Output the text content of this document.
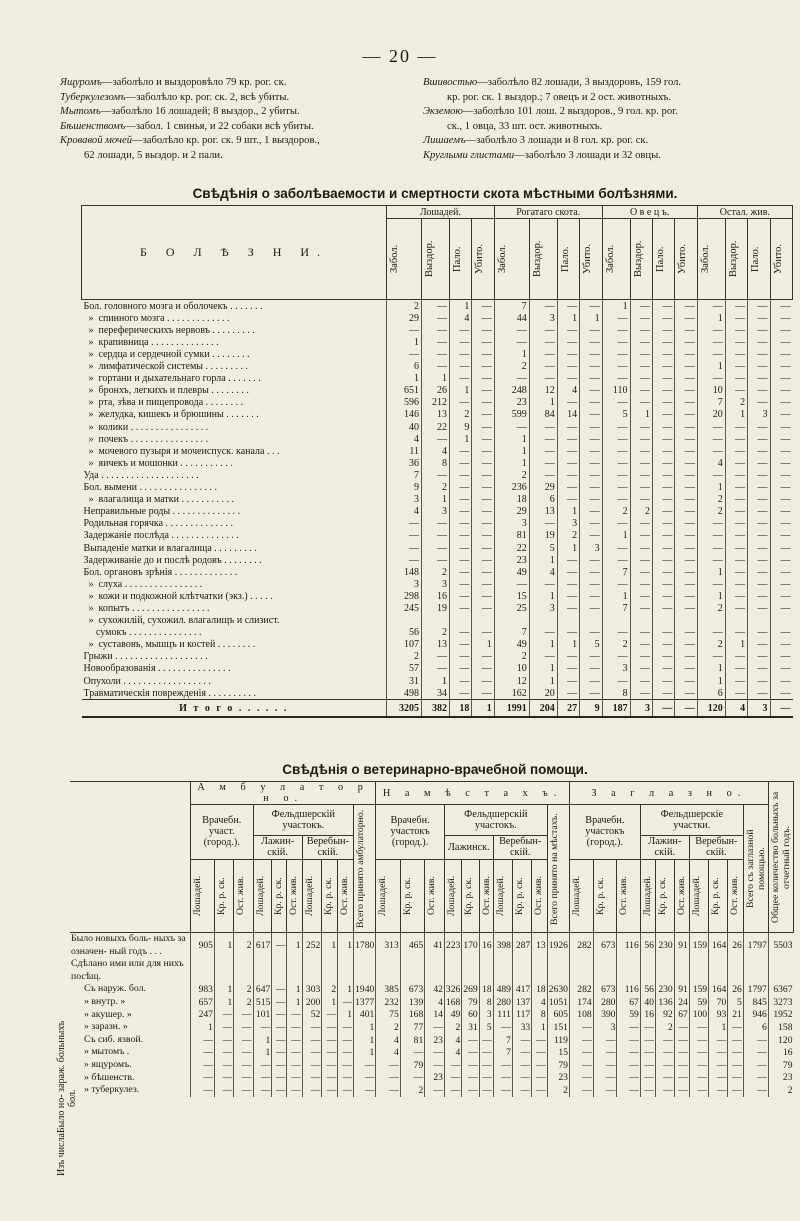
— 20 —
Ящуромъ—заболѣло и выздоровѣло 79 кр. рог. ск.
Туберкулезомъ—заболѣло кр. рог. ск. 2, всѣ убиты.
Мытомъ—заболѣло 16 лошадей; 8 выздор., 2 убиты.
Бѣшенствомъ—забол. 1 свинья, и 22 собаки всѣ убиты.
Кровавой мочей—заболѣло кр. рог. ск. 9 шт., 1 выздоров.,
62 лошади, 5 выздор. и 2 пали.
Вшивостью—заболѣло 82 лошади, 3 выздоровъ, 159 гол.
кр. рог. ск. 1 выздор.; 7 овецъ и 2 ост. животныхъ.
Экземою—заболѣло 101 лош. 2 выздоров., 9 гол. кр. рог.
ск., 1 овца, 33 шт. ост. животныхъ.
Лишаемъ—заболѣло 3 лошади и 8 гол. кр. рог. ск.
Круглыми глистами—заболѣло 3 лошади и 32 овцы.
Свѣдѣнія о заболѣваемости и смертности скота мѣстными болѣзнями.
Б О Л Ѣ З Н И.	Лошадей.				Рогатаго скота.				О в е ц ъ.				Остал. жив.			

	Забол.	Выздор.	Пало.	Убито.	Забол.	Выздор.	Пало.	Убито.	Забол.	Выздор.	Пало.	Убито.	Забол.	Выздор.	Пало.	Убито.

Бол. головного мозга и оболочекъ . . . . . . .	2	—	1	—	7	—	—	—	1	—	—	—	—	—	—	—
»  спинного мозга . . . . . . . . . . . . .	29	—	4	—	44	3	1	1	—	—	—	—	1	—	—	—
»  переферическихъ нервовъ . . . . . . . . .	—	—	—	—	—	—	—	—	—	—	—	—	—	—	—	—
»  крапивница . . . . . . . . . . . . . .	1	—	—	—	—	—	—	—	—	—	—	—	—	—	—	—
»  сердца и сердечной сумки . . . . . . . .	—	—	—	—	1	—	—	—	—	—	—	—	—	—	—	—
»  лимфатической системы . . . . . . . . .	6	—	—	—	2	—	—	—	—	—	—	—	1	—	—	—
»  гортани и дыхательнаго горла . . . . . . .	1	1	—	—	—	—	—	—	—	—	—	—	—	—	—	—
»  бронхъ, легкихъ и плевры . . . . . . . .	651	26	1	—	248	12	4	—	110	—	—	—	10	—	—	—
»  рта, зѣва и пищепровода . . . . . . . .	596	212	—	—	23	1	—	—	—	—	—	—	7	2	—	—
»  желудка, кишекъ и брюшины . . . . . . .	146	13	2	—	599	84	14	—	5	1	—	—	20	1	3	—
»  колики . . . . . . . . . . . . . . . .	40	22	9	—	—	—	—	—	—	—	—	—	—	—	—	—
»  почекъ . . . . . . . . . . . . . . . .	4	—	1	—	1	—	—	—	—	—	—	—	—	—	—	—
»  мочевого пузыря и мочеиспуск. канала . . .	11	4	—	—	1	—	—	—	—	—	—	—	—	—	—	—
»  яичекъ и мошонки . . . . . . . . . . .	36	8	—	—	1	—	—	—	—	—	—	—	4	—	—	—
Уда . . . . . . . . . . . . . . . . . . . .	7	—	—	—	2	—	—	—	—	—	—	—	—	—	—	—
Бол. вымени . . . . . . . . . . . . . . . .	9	2	—	—	236	29	—	—	—	—	—	—	1	—	—	—
»  влагалища и матки . . . . . . . . . . .	3	1	—	—	18	6	—	—	—	—	—	—	2	—	—	—
Неправильные роды . . . . . . . . . . . . . .	4	3	—	—	29	13	1	—	2	2	—	—	2	—	—	—
Родильная горячка . . . . . . . . . . . . . .	—	—	—	—	3	—	3	—	—	—	—	—	—	—	—	—
Задержаніе послѣда . . . . . . . . . . . . . .	—	—	—	—	81	19	2	—	1	—	—	—	—	—	—	—
Выпаденіе матки и влагалища . . . . . . . . .	—	—	—	—	22	5	1	3	—	—	—	—	—	—	—	—
Задерживаніе до и послѣ родовъ . . . . . . . .	—	—	—	—	23	1	—	—	—	—	—	—	—	—	—	—
Бол. органовъ зрѣнія . . . . . . . . . . . . .	148	2	—	—	49	4	—	—	7	—	—	—	1	—	—	—
»  слуха . . . . . . . . . . . . . . . .	3	3	—	—	—	—	—	—	—	—	—	—	—	—	—	—
»  кожи и подкожной клѣтчатки (экз.) . . . . .	298	16	—	—	15	1	—	—	1	—	—	—	1	—	—	—
»  копытъ . . . . . . . . . . . . . . . .	245	19	—	—	25	3	—	—	7	—	—	—	2	—	—	—
»  сухожилій, сухожил. влагалищъ и слизист.																
сумокъ . . . . . . . . . . . . . . .	56	2	—	—	7	—	—	—	—	—	—	—	—	—	—	—
»  суставовъ, мышцъ и костей . . . . . . . .	107	13	—	1	49	1	1	5	2	—	—	—	2	1	—	—
Грыжи . . . . . . . . . . . . . . . . . . .	2	—	—	—	2	—	—	—	—	—	—	—	—	—	—	—
Новообразованія . . . . . . . . . . . . . . .	57	—	—	—	10	1	—	—	3	—	—	—	1	—	—	—
Опухоли . . . . . . . . . . . . . . . . . .	31	1	—	—	12	1	—	—	—	—	—	—	1	—	—	—
Травматическія поврежденія . . . . . . . . . .	498	34	—	—	162	20	—	—	8	—	—	—	6	—	—	—
И т о г о . . . . . .	3205	382	18	1	1991	204	27	9	187	3	—	—	120	4	3	—
Свѣдѣнія о ветеринарно-врачебной помощи.
	А м б у л а т о р н о.										Н а м ѣ с т а х ъ.										З а г л а з н о.										Общее количество больныхъ за отчетный годъ.

	Врачебн. участ. (город.).			Фельдшерскій участокъ.						Всего принято амбулаторно.	Врачебн. участокъ (город.).			Фельдшерскій участокъ.						Всего принято на мѣстахъ.	Врачебн. участокъ (город.).			Фельдшерскіе участки.						Всего съ заглазной помощью.	

				Лажин- скій.			Веребын- скій.							Лажинск.			Веребын- скій.							Лажин- скій.			Веребын- скій.				

	Лошадей.	Кр. р. ск.	Ост. жив.	Лошадей.	Кр. р. ск.	Ост. жив.	Лошадей.	Кр. р. ск.	Ост. жив.		Лошадей.	Кр. р. ск.	Ост. жив.	Лошадей.	Кр. р. ск.	Ост. жив.	Лошадей.	Кр. р. ск.	Ост. жив.		Лошадей.	Кр. р. ск.	Ост. жив.	Лошадей.	Кр. р. ск.	Ост. жив.	Лошадей.	Кр. р. ск.	Ост. жив.		

Было новыхъ боль- ныхъ за означен- ный годъ . . .	905	1	2	617	—	1	252	1	1	1780	313	465	41	223	170	16	398	287	13	1926	282	673	116	56	230	91	159	164	26	1797	5503
Сдѣлано ими или для нихъ посѣщ.																															
Съ наруж. бол.	983	1	2	647	—	1	303	2	1	1940	385	673	42	326	269	18	489	417	18	2630	282	673	116	56	230	91	159	164	26	1797	6367
» внутр. »	657	1	2	515	—	1	200	1	—	1377	232	139	4	168	79	8	280	137	4	1051	174	280	67	40	136	24	59	70	5	845	3273
» акушер. »	247	—	—	101	—	—	52	—	1	401	75	168	14	49	60	3	111	117	8	605	108	390	59	16	92	67	100	93	21	946	1952
» заразн. »	1	—	—	—	—	—	—	—	—	1	2	77	—	2	31	5	—	33	1	151	—	3	—	—	2	—	—	1	—	6	158
Съ сиб. язвой.	—	—	—	1	—	—	—	—	—	1	4	81	23	4	—	—	7	—	—	119	—	—	—	—	—	—	—	—	—	—	120
» мытомъ .	—	—	—	1	—	—	—	—	—	1	4	—	—	4	—	—	7	—	—	15	—	—	—	—	—	—	—	—	—	—	16
» ящуромъ.	—	—	—	—	—	—	—	—	—	—	—	79	—	—	—	—	—	—	—	79	—	—	—	—	—	—	—	—	—	—	79
» бѣшенств.	—	—	—	—	—	—	—	—	—	—	—	—	23	—	—	—	—	—	—	23	—	—	—	—	—	—	—	—	—	—	23
» туберкулез.	—	—	—	—	—	—	—	—	—	—	—	2	—	—	—	—	—	—	—	2	—	—	—	—	—	—	—	—	—	—	2
Изъ числаБыло но- зараж. больныхъ бол.
